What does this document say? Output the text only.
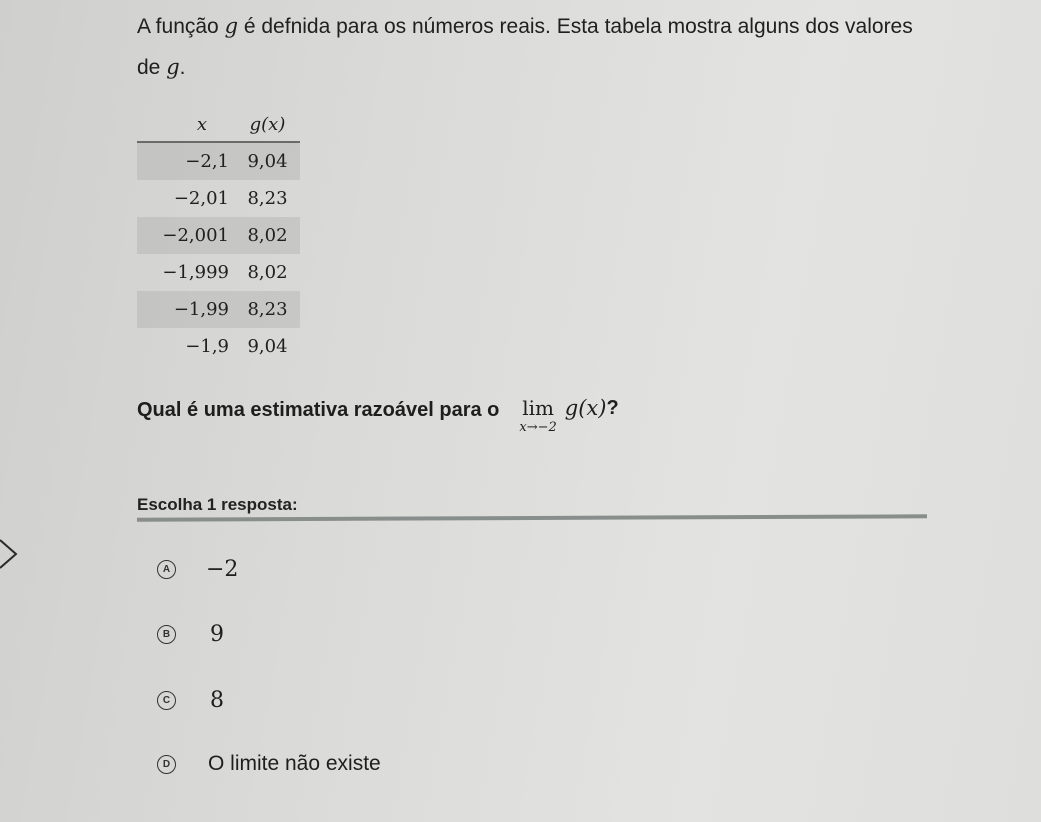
A função g é defnida para os números reais. Esta tabela mostra alguns dos valores de g.
x	g(x)
−2,1	9,04
−2,01	8,23
−2,001	8,02
−1,999	8,02
−1,99	8,23
−1,9	9,04
Qual é uma estimativa razoável para o lim
x→−2
g(x) ?
Escolha 1 resposta:
A −2
B 9
C 8
D O limite não existe
